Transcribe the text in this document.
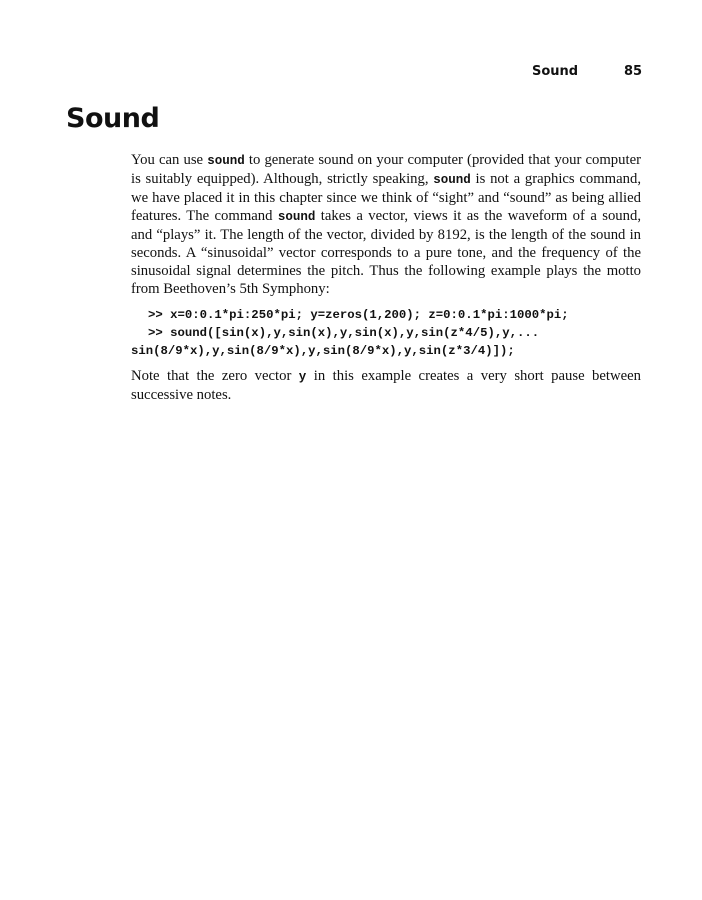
Sound	85
Sound

You can use sound to generate sound on your computer (provided that your computer is suitably equipped). Although, strictly speaking, sound is not a graphics command, we have placed it in this chapter since we think of “sight” and “sound” as being allied features. The command sound takes a vector, views it as the waveform of a sound, and “plays” it. The length of the vector, divided by 8192, is the length of the sound in seconds. A “sinusoidal” vector corresponds to a pure tone, and the frequency of the sinusoidal signal determines the pitch. Thus the following example plays the motto from Beethoven’s 5th Symphony:

>> x=0:0.1*pi:250*pi; y=zeros(1,200); z=0:0.1*pi:1000*pi;
>> sound([sin(x),y,sin(x),y,sin(x),y,sin(z*4/5),y,...
sin(8/9*x),y,sin(8/9*x),y,sin(8/9*x),y,sin(z*3/4)]);

Note that the zero vector y in this example creates a very short pause between successive notes.
